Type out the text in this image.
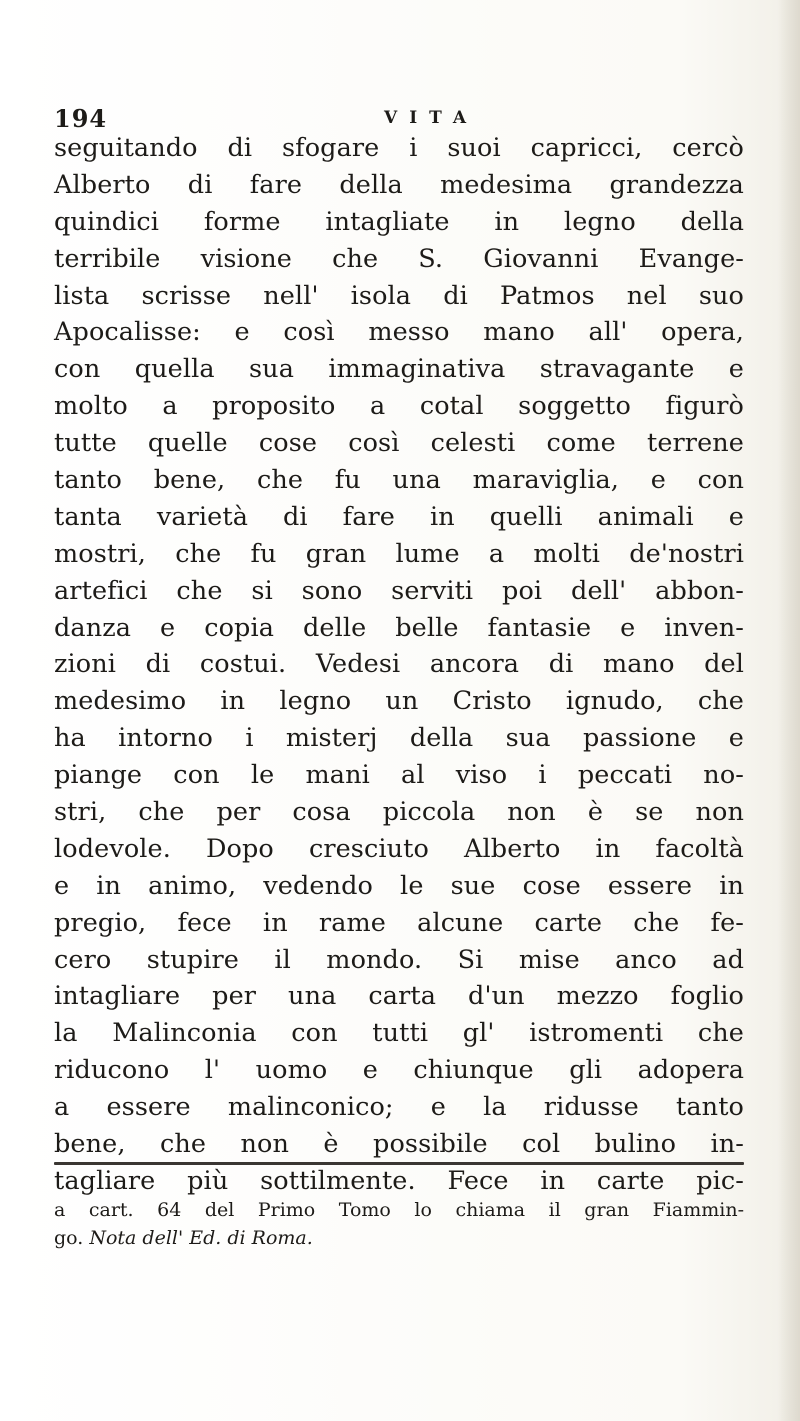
194	VITA
seguitando di sfogare i suoi capricci, cercò
Alberto di fare della medesima grandezza
quindici forme intagliate in legno della
terribile visione che S. Giovanni Evange-
lista scrisse nell' isola di Patmos nel suo
Apocalisse: e così messo mano all' opera,
con quella sua immaginativa stravagante e
molto a proposito a cotal soggetto figurò
tutte quelle cose così celesti come terrene
tanto bene, che fu una maraviglia, e con
tanta varietà di fare in quelli animali e
mostri, che fu gran lume a molti de'nostri
artefici che si sono serviti poi dell' abbon-
danza e copia delle belle fantasie e inven-
zioni di costui. Vedesi ancora di mano del
medesimo in legno un Cristo ignudo, che
ha intorno i misterj della sua passione e
piange con le mani al viso i peccati no-
stri, che per cosa piccola non è se non
lodevole. Dopo cresciuto Alberto in facoltà
e in animo, vedendo le sue cose essere in
pregio, fece in rame alcune carte che fe-
cero stupire il mondo. Si mise anco ad
intagliare per una carta d'un mezzo foglio
la Malinconia con tutti gl' istromenti che
riducono l' uomo e chiunque gli adopera
a essere malinconico; e la ridusse tanto
bene, che non è possibile col bulino in-
tagliare più sottilmente. Fece in carte pic-
a cart. 64 del Primo Tomo lo chiama il gran Fiammin-
go. Nota dell' Ed. di Roma.
